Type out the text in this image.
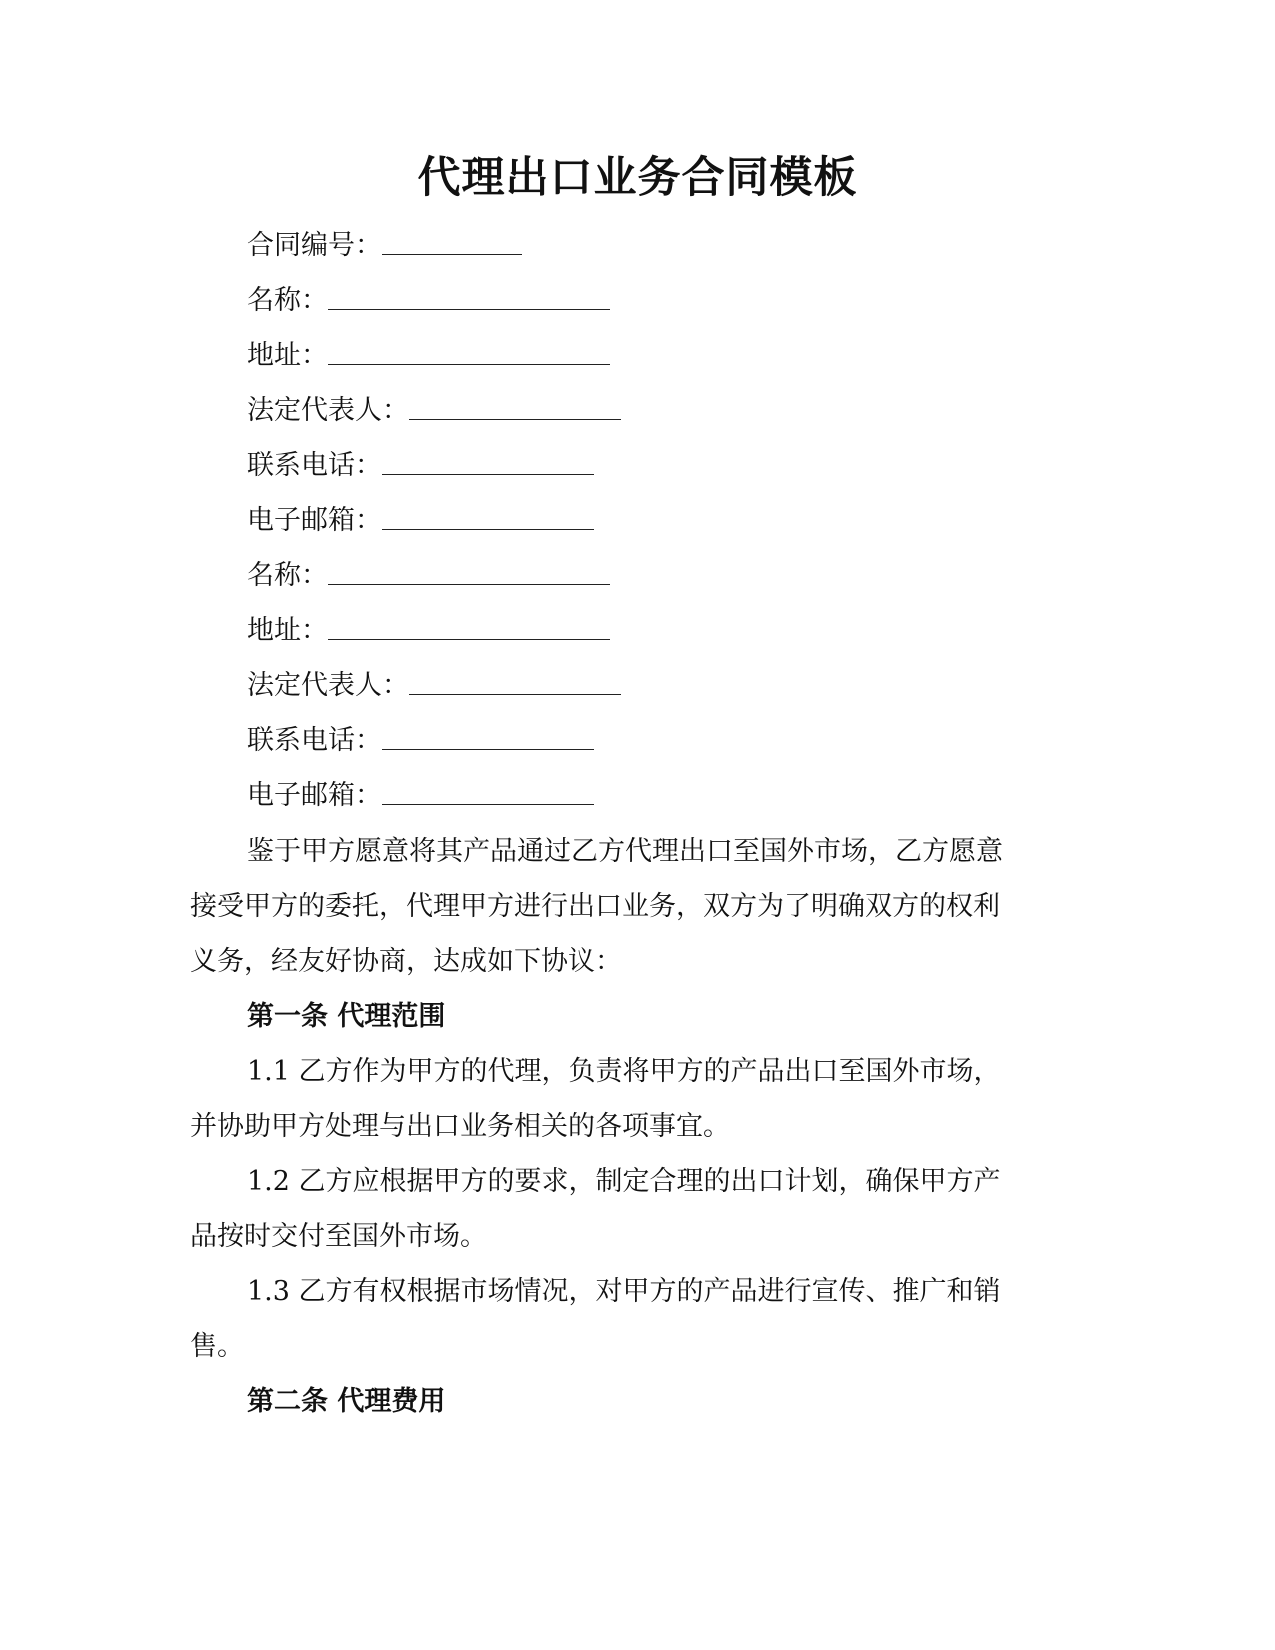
代理出口业务合同模板
合同编号：
名称：
地址：
法定代表人：
联系电话：
电子邮箱：
名称：
地址：
法定代表人：
联系电话：
电子邮箱：
鉴于甲方愿意将其产品通过乙方代理出口至国外市场，乙方愿意
接受甲方的委托，代理甲方进行出口业务，双方为了明确双方的权利
义务，经友好协商，达成如下协议：
第一条 代理范围
1.1 乙方作为甲方的代理，负责将甲方的产品出口至国外市场，
并协助甲方处理与出口业务相关的各项事宜。
1.2 乙方应根据甲方的要求，制定合理的出口计划，确保甲方产
品按时交付至国外市场。
1.3 乙方有权根据市场情况，对甲方的产品进行宣传、推广和销
售。
第二条 代理费用
